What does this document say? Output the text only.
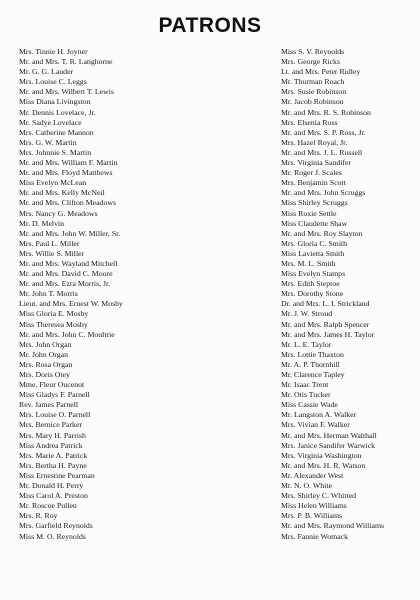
PATRONS
Mrs. Tinnie H. Joyner
Mr. and Mrs. T. R. Langhorne
Mr. G. G. Lauder
Mrs. Louise C. Leggs
Mr. and Mrs. Wilbert T. Lewis
Miss Diana Livingston
Mr. Dennis Lovelace, Jr.
Mr. Sadye Lovelace
Mrs. Catherine Mannon
Mrs. G. W. Martin
Mrs. Johnnie S. Martin
Mr. and Mrs. William F. Martin
Mr. and Mrs. Floyd Matthews
Miss Evelyn McLean
Mr. and Mrs. Kelly McNeil
Mr. and Mrs. Clifton Meadows
Mrs. Nancy G. Meadows
Mr. D. Melvin
Mr. and Mrs. John W. Miller, Sr.
Mrs. Paul L. Miller
Mrs. Willie S. Miller
Mr. and Mrs. Wayland Mitchell
Mr. and Mrs. David C. Moore
Mr. and Mrs. Ezra Morris, Jr.
Mr. John T. Morris
Lieut. and Mrs. Ernest W. Mosby
Miss Gloria E. Mosby
Miss Theresea Mosby
Mr. and Mrs. John C. Moultrie
Mrs. John Organ
Mr. John Organ
Mrs. Rosa Organ
Mrs. Doris Otey
Mme. Fleur Oucenot
Miss Gladys F. Parnell
Rev. James Parnell
Mrs. Louise O. Parnell
Mrs. Bernice Parker
Mrs. Mary H. Parrish
Miss Andrea Patrick
Mrs. Marie A. Patrick
Mrs. Bertha H. Payne
Miss Ernestine Pearman
Mr. Donald H. Perry
Miss Carol A. Preston
Mr. Roscoe Pullen
Mrs. R. Roy
Mrs. Garfield Reynolds
Miss M. O. Reynolds
Miss S. V. Reynolds
Mrs. George Ricks
Lt. and Mrs. Peter Ridley
Mr. Thurman Roach
Mrs. Susie Robinson
Mr. Jacob Robinson
Mr. and Mrs. R. S. Robinson
Mrs. Elsenia Ross
Mr. and Mrs. S. P. Ross, Jr.
Mrs. Hazel Royal, Jr.
Mr. and Mrs. J. L. Russell
Mrs. Virginia Sandifer
Mr. Roger J. Scales
Mrs. Benjamin Scott
Mr. and Mrs. John Scruggs
Miss Shirley Scruggs
Miss Roxie Settle
Miss Claudette Shaw
Mr. and Mrs. Roy Slayton
Mrs. Gloria C. Smith
Miss Lavietta Smith
Mrs. M. L. Smith
Miss Evelyn Stamps
Mrs. Edith Steptoe
Mrs. Dorothy Stone
Dr. and Mrs. L. I. Strickland
Mr. J. W. Stroud
Mr. and Mrs. Ralph Spencer
Mr. and Mrs. James H. Taylor
Mr. L. E. Taylor
Mrs. Lottie Thaxton
Mr. A. P. Thornhill
Mr. Clarence Tapley
Mr. Isaac Trent
Mr. Otis Tucker
Miss Cassie Wade
Mr. Langston A. Walker
Mrs. Vivian F. Walker
Mr. and Mrs. Herman Walthall
Mrs. Janice Sandifer Warwick
Mrs. Virginia Washington
Mr. and Mrs. H. R. Watson
Mr. Alexander West
Mr. N. O. White
Mrs. Shirley C. Whitted
Miss Helen Williams
Mrs. P. B. Williams
Mr. and Mrs. Raymond Williams
Mrs. Fannie Womack
